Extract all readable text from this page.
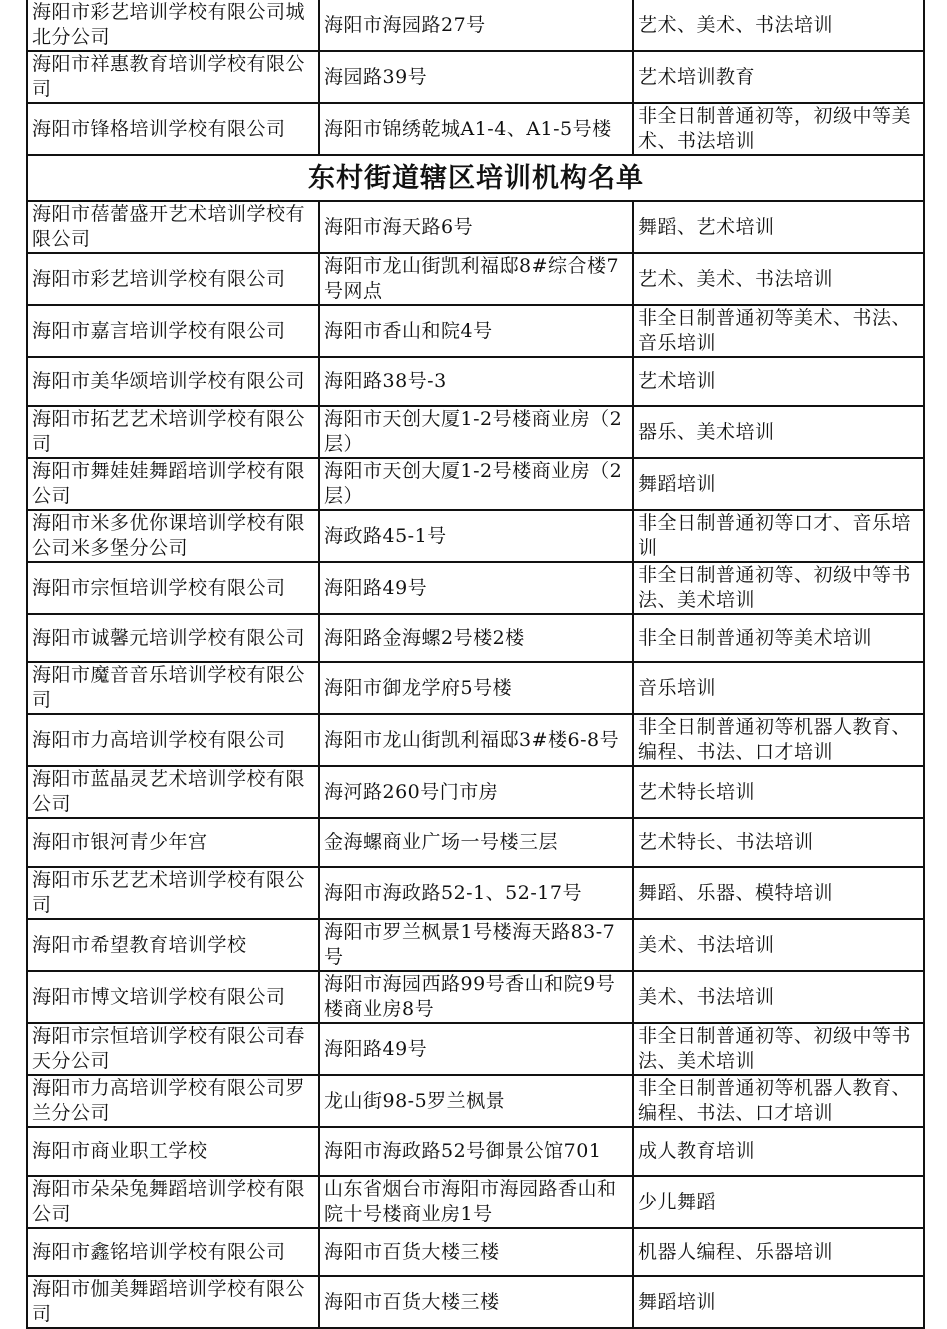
海阳市彩艺培训学校有限公司城北分公司	海阳市海园路27号	艺术、美术、书法培训

海阳市祥惠教育培训学校有限公司	海园路39号	艺术培训教育

海阳市锋格培训学校有限公司	海阳市锦绣乾城A1-4、A1-5号楼	非全日制普通初等，初级中等美术、书法培训

东村街道辖区培训机构名单		

海阳市蓓蕾盛开艺术培训学校有限公司	海阳市海天路6号	舞蹈、艺术培训

海阳市彩艺培训学校有限公司	海阳市龙山街凯利福邸8#综合楼7号网点	艺术、美术、书法培训

海阳市嘉言培训学校有限公司	海阳市香山和院4号	非全日制普通初等美术、书法、音乐培训

海阳市美华颂培训学校有限公司	海阳路38号-3	艺术培训

海阳市拓艺艺术培训学校有限公司	海阳市天创大厦1-2号楼商业房（2层）	器乐、美术培训

海阳市舞娃娃舞蹈培训学校有限公司	海阳市天创大厦1-2号楼商业房（2层）	舞蹈培训

海阳市米多优你课培训学校有限公司米多堡分公司	海政路45-1号	非全日制普通初等口才、音乐培训

海阳市宗恒培训学校有限公司	海阳路49号	非全日制普通初等、初级中等书法、美术培训

海阳市诚馨元培训学校有限公司	海阳路金海螺2号楼2楼	非全日制普通初等美术培训

海阳市魔音音乐培训学校有限公司	海阳市御龙学府5号楼	音乐培训

海阳市力高培训学校有限公司	海阳市龙山街凯利福邸3#楼6-8号	非全日制普通初等机器人教育、编程、书法、口才培训

海阳市蓝晶灵艺术培训学校有限公司	海河路260号门市房	艺术特长培训

海阳市银河青少年宫	金海螺商业广场一号楼三层	艺术特长、书法培训

海阳市乐艺艺术培训学校有限公司	海阳市海政路52-1、52-17号	舞蹈、乐器、模特培训

海阳市希望教育培训学校	海阳市罗兰枫景1号楼海天路83-7号	美术、书法培训

海阳市博文培训学校有限公司	海阳市海园西路99号香山和院9号楼商业房8号	美术、书法培训

海阳市宗恒培训学校有限公司春天分公司	海阳路49号	非全日制普通初等、初级中等书法、美术培训

海阳市力高培训学校有限公司罗兰分公司	龙山街98-5罗兰枫景	非全日制普通初等机器人教育、编程、书法、口才培训

海阳市商业职工学校	海阳市海政路52号御景公馆701	成人教育培训

海阳市朵朵兔舞蹈培训学校有限公司	山东省烟台市海阳市海园路香山和院十号楼商业房1号	少儿舞蹈

海阳市鑫铭培训学校有限公司	海阳市百货大楼三楼	机器人编程、乐器培训

海阳市伽美舞蹈培训学校有限公司	海阳市百货大楼三楼	舞蹈培训
